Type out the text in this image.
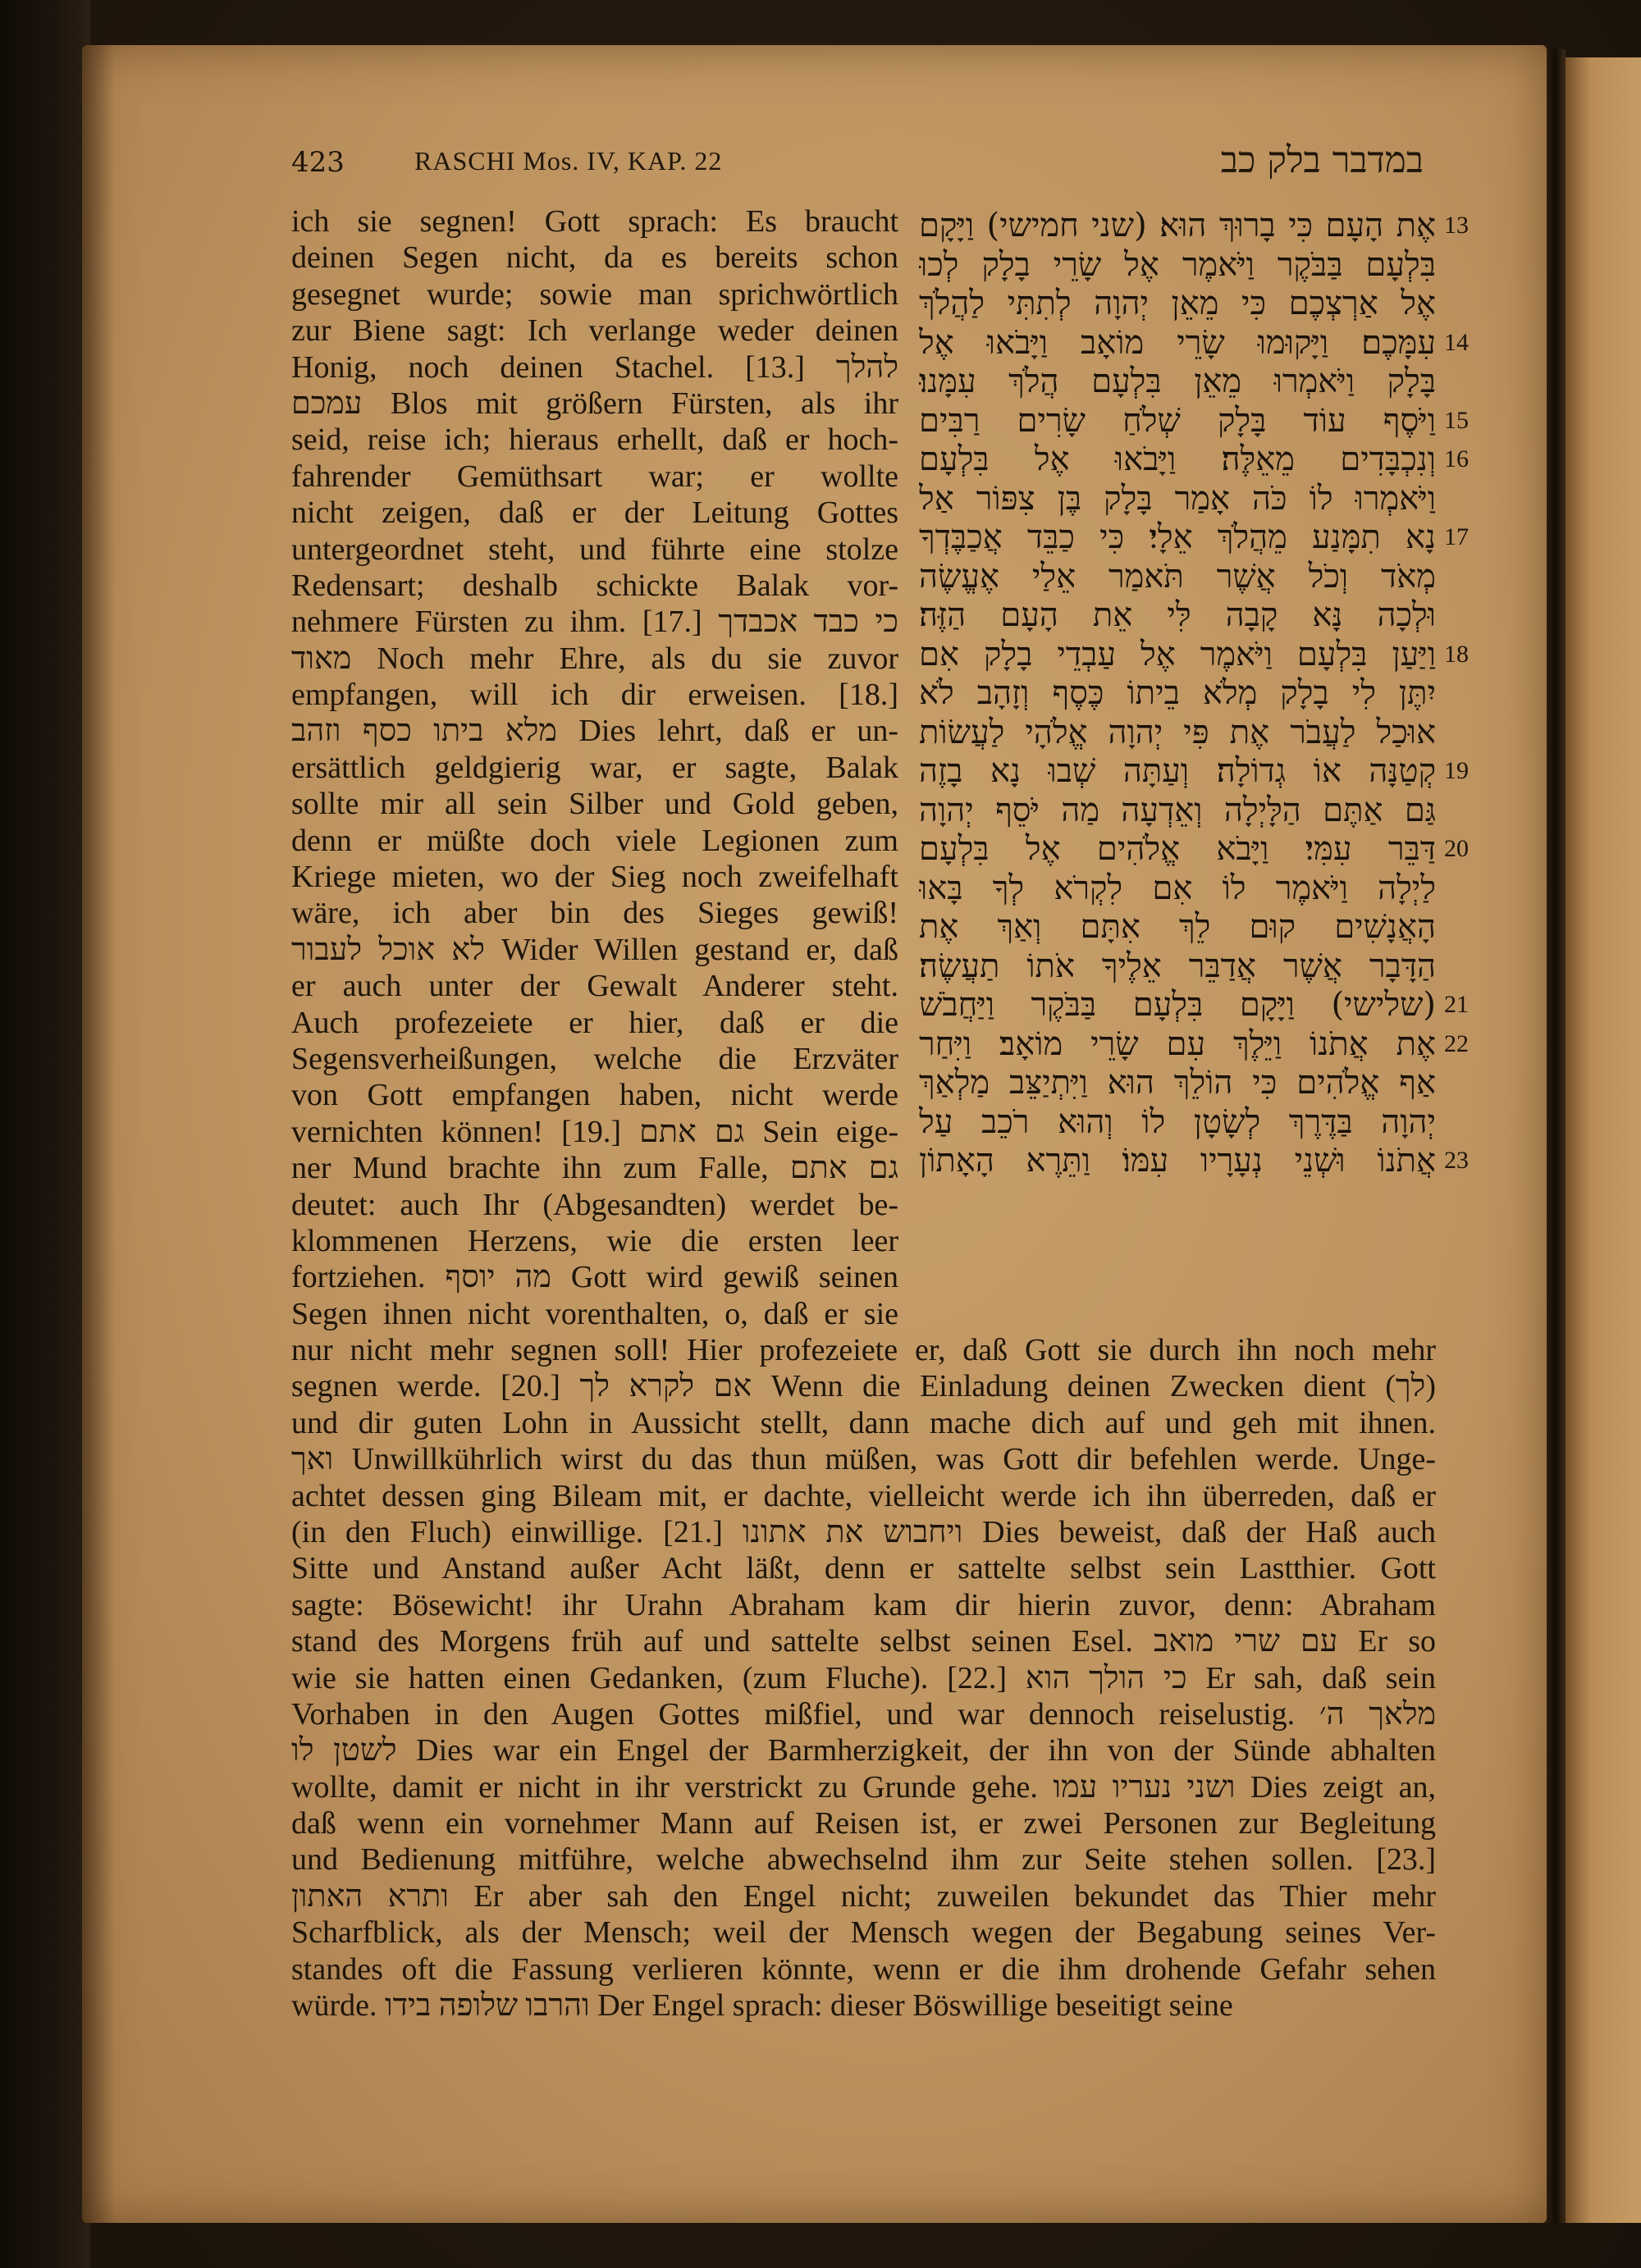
423	RASCHI Mos. IV, KAP. 22	במדבר בלק כב
ich sie segnen! Gott sprach: Es braucht
deinen Segen nicht, da es bereits schon
gesegnet wurde; sowie man sprichwörtlich
zur Biene sagt: Ich verlange weder deinen
Honig, noch deinen Stachel. [13.] להלך
עמכם Blos mit größern Fürsten, als ihr
seid, reise ich; hieraus erhellt, daß er hoch-
fahrender Gemüthsart war; er wollte
nicht zeigen, daß er der Leitung Gottes
untergeordnet steht, und führte eine stolze
Redensart; deshalb schickte Balak vor-
nehmere Fürsten zu ihm. [17.] כי כבד אכבדך
מאוד Noch mehr Ehre, als du sie zuvor
empfangen, will ich dir erweisen. [18.]
מלא ביתו כסף וזהב Dies lehrt, daß er un-
ersättlich geldgierig war, er sagte, Balak
sollte mir all sein Silber und Gold geben,
denn er müßte doch viele Legionen zum
Kriege mieten, wo der Sieg noch zweifelhaft
wäre, ich aber bin des Sieges gewiß!
לא אוכל לעבור Wider Willen gestand er, daß
er auch unter der Gewalt Anderer steht.
Auch profezeiete er hier, daß er die
Segensverheißungen, welche die Erzväter
von Gott empfangen haben, nicht werde
vernichten können! [19.] גם אתם Sein eige-
ner Mund brachte ihn zum Falle, גם אתם
deutet: auch Ihr (Abgesandten) werdet be-
klommenen Herzens, wie die ersten leer
fortziehen. מה יוסף Gott wird gewiß seinen
Segen ihnen nicht vorenthalten, o, daß er sie
אֶת הָעָם כִּי בָרוּךְ הוּא׃ (שני חמישי) וַיָּקָם
בִּלְעָם בַּבֹּקֶר וַיֹּאמֶר אֶל שָׂרֵי בָלָק לְכוּ
אֶל אַרְצְכֶם כִּי מֵאֵן יְהוָה לְתִתִּי לַהֲלֹךְ
עִמָּכֶם׃ וַיָּקוּמוּ שָׂרֵי מוֹאָב וַיָּבֹאוּ אֶל
בָּלָק וַיֹּאמְרוּ מֵאֵן בִּלְעָם הֲלֹךְ עִמָּנוּ׃
וַיֹּסֶף עוֹד בָּלָק שְׁלֹחַ שָׂרִים רַבִּים
וְנִכְבָּדִים מֵאֵלֶּה׃ וַיָּבֹאוּ אֶל בִּלְעָם
וַיֹּאמְרוּ לוֹ כֹּה אָמַר בָּלָק בֶּן צִפּוֹר אַל
נָא תִמָּנַע מֵהֲלֹךְ אֵלָי׃ כִּי כַבֵּד אֲכַבֶּדְךָ
מְאֹד וְכֹל אֲשֶׁר תֹּאמַר אֵלַי אֶעֱשֶׂה
וּלְכָה נָּא קָבָה לִּי אֵת הָעָם הַזֶּה׃
וַיַּעַן בִּלְעָם וַיֹּאמֶר אֶל עַבְדֵי בָלָק אִם
יִתֶּן לִי בָלָק מְלֹא בֵיתוֹ כֶּסֶף וְזָהָב לֹא
אוּכַל לַעֲבֹר אֶת פִּי יְהוָה אֱלֹהָי לַעֲשׂוֹת
קְטַנָּה אוֹ גְדוֹלָה׃ וְעַתָּה שְׁבוּ נָא בָזֶה
גַּם אַתֶּם הַלָּיְלָה וְאֵדְעָה מַה יֹּסֵף יְהוָה
דַּבֵּר עִמִּי׃ וַיָּבֹא אֱלֹהִים אֶל בִּלְעָם
לַיְלָה וַיֹּאמֶר לוֹ אִם לִקְרֹא לְךָ בָּאוּ
הָאֲנָשִׁים קוּם לֵךְ אִתָּם וְאַךְ אֶת
הַדָּבָר אֲשֶׁר אֲדַבֵּר אֵלֶיךָ אֹתוֹ תַעֲשֶׂה׃
(שלישי) וַיָּקָם בִּלְעָם בַּבֹּקֶר וַיַּחֲבֹשׁ
אֶת אֲתֹנוֹ וַיֵּלֶךְ עִם שָׂרֵי מוֹאָב׃ וַיִּחַר
אַף אֱלֹהִים כִּי הוֹלֵךְ הוּא וַיִּתְיַצֵּב מַלְאַךְ
יְהוָה בַּדֶּרֶךְ לְשָׂטָן לוֹ וְהוּא רֹכֵב עַל
אֲתֹנוֹ וּשְׁנֵי נְעָרָיו עִמּוֹ׃ וַתֵּרֶא הָאָתוֹן
13
14
15
16
17
18
19
20
21
22
23
nur nicht mehr segnen soll! Hier profezeiete er, daß Gott sie durch ihn noch mehr
segnen werde. [20.] אם לקרא לך Wenn die Einladung deinen Zwecken dient (לך)
und dir guten Lohn in Aussicht stellt, dann mache dich auf und geh mit ihnen.
ואך Unwillkührlich wirst du das thun müßen, was Gott dir befehlen werde. Unge-
achtet dessen ging Bileam mit, er dachte, vielleicht werde ich ihn überreden, daß er
(in den Fluch) einwillige. [21.] ויחבוש את אתונו Dies beweist, daß der Haß auch
Sitte und Anstand außer Acht läßt, denn er sattelte selbst sein Lastthier. Gott
sagte: Bösewicht! ihr Urahn Abraham kam dir hierin zuvor, denn: Abraham
stand des Morgens früh auf und sattelte selbst seinen Esel. עם שרי מואב Er so
wie sie hatten einen Gedanken, (zum Fluche). [22.] כי הולך הוא Er sah, daß sein
Vorhaben in den Augen Gottes mißfiel, und war dennoch reiselustig. מלאך ה׳
לשטן לו Dies war ein Engel der Barmherzigkeit, der ihn von der Sünde abhalten
wollte, damit er nicht in ihr verstrickt zu Grunde gehe. ושני נעריו עמו Dies zeigt an,
daß wenn ein vornehmer Mann auf Reisen ist, er zwei Personen zur Begleitung
und Bedienung mitführe, welche abwechselnd ihm zur Seite stehen sollen. [23.]
ותרא האתון Er aber sah den Engel nicht; zuweilen bekundet das Thier mehr
Scharfblick, als der Mensch; weil der Mensch wegen der Begabung seines Ver-
standes oft die Fassung verlieren könnte, wenn er die ihm drohende Gefahr sehen
würde. והרבו שלופה בידו Der Engel sprach: dieser Böswillige beseitigt seine
